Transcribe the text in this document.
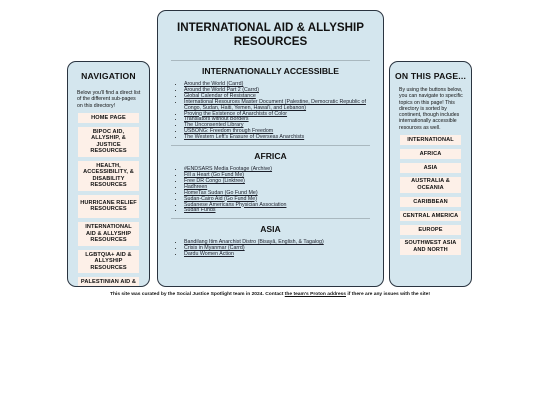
NAVIGATION
Below you'll find a direct list of the different sub-pages on this directory!
HOME PAGE
BIPOC AID, ALLYSHIP, & JUSTICE RESOURCES
HEALTH, ACCESSIBILITY, & DISABILITY RESOURCES
HURRICANE RELIEF RESOURCES
INTERNATIONAL AID & ALLYSHIP RESOURCES
LGBTQIA+ AID & ALLYSHIP RESOURCES
PALESTINIAN AID &
INTERNATIONAL AID & ALLYSHIP RESOURCES
INTERNATIONALLY ACCESSIBLE
• Around the World (Carrd)
• Around the World Part 2 (Carrd)
• Global Calendar of Resistance
• International Resources Master Document (Palestine, Democratic Republic of Congo, Sudan, Haiti, Yemen, Hawai'i, and Lebanon)
• Proving the Existence of Anarchists of Color
• Translators without Borders
• The Unconsented Library
• USBONG: Freedom through Freedom
• The Western Left's Erasure of Overseas Anarchists
AFRICA
• #ENDSARS Media Footage (Archive)
• Fill a Heart (Go Fund Me)
• Free DR Congo (Linktree)
• Hadhreen
• HomeTax Sudan (Go Fund Me)
• Sudan-Cairo Aid (Go Fund Me)
• Sudanese Americans Physician Association
• Sudan Funds
ASIA
• Bandilang Itim Anarchist Distro (Bisayâ, English, & Tagalog)
• Crisis in Myanmar (Carrd)
• Dardu Women Action
ON THIS PAGE...
By using the buttons below, you can navigate to specific topics on this page! This directory is sorted by continent, though includes internationally accessible resources as well.
INTERNATIONAL
AFRICA
ASIA
AUSTRALIA & OCEANIA
CARIBBEAN
CENTRAL AMERICA
EUROPE
SOUTHWEST ASIA AND NORTH
This site was curated by the Social Justice Spotlight team in 2024. Contact the team's Proton address if there are any issues with the site!
